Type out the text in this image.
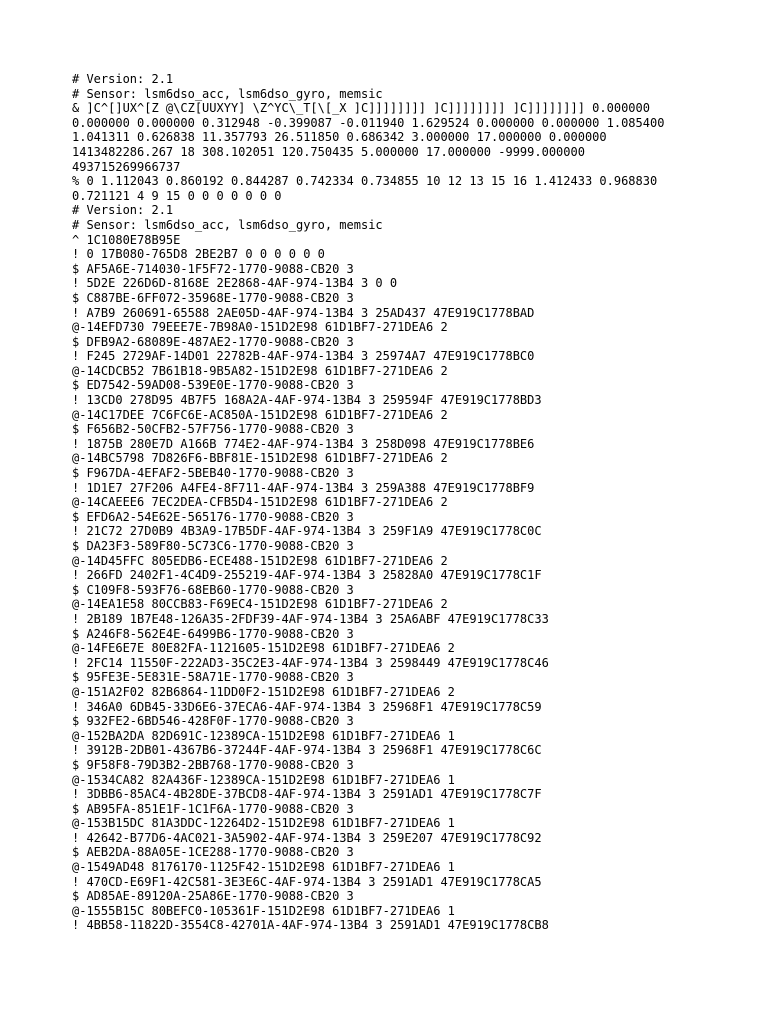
# Version: 2.1
# Sensor: lsm6dso_acc, lsm6dso_gyro, memsic
& ]C^[]UX^[Z @\CZ[UUXYY] \Z^YC\_T[\[_X ]C]]]]]]]] ]C]]]]]]]] ]C]]]]]]]] 0.000000
0.000000 0.000000 0.312948 -0.399087 -0.011940 1.629524 0.000000 0.000000 1.085400
1.041311 0.626838 11.357793 26.511850 0.686342 3.000000 17.000000 0.000000
1413482286.267 18 308.102051 120.750435 5.000000 17.000000 -9999.000000
493715269966737
% 0 1.112043 0.860192 0.844287 0.742334 0.734855 10 12 13 15 16 1.412433 0.968830
0.721121 4 9 15 0 0 0 0 0 0 0
# Version: 2.1
# Sensor: lsm6dso_acc, lsm6dso_gyro, memsic
^ 1C1080E78B95E
! 0 17B080-765D8 2BE2B7 0 0 0 0 0 0
$ AF5A6E-714030-1F5F72-1770-9088-CB20 3
! 5D2E 226D6D-8168E 2E2868-4AF-974-13B4 3 0 0
$ C887BE-6FF072-35968E-1770-9088-CB20 3
! A7B9 260691-65588 2AE05D-4AF-974-13B4 3 25AD437 47E919C1778BAD
@-14EFD730 79EEE7E-7B98A0-151D2E98 61D1BF7-271DEA6 2
$ DFB9A2-68089E-487AE2-1770-9088-CB20 3
! F245 2729AF-14D01 22782B-4AF-974-13B4 3 25974A7 47E919C1778BC0
@-14CDCB52 7B61B18-9B5A82-151D2E98 61D1BF7-271DEA6 2
$ ED7542-59AD08-539E0E-1770-9088-CB20 3
! 13CD0 278D95 4B7F5 168A2A-4AF-974-13B4 3 259594F 47E919C1778BD3
@-14C17DEE 7C6FC6E-AC850A-151D2E98 61D1BF7-271DEA6 2
$ F656B2-50CFB2-57F756-1770-9088-CB20 3
! 1875B 280E7D A166B 774E2-4AF-974-13B4 3 258D098 47E919C1778BE6
@-14BC5798 7D826F6-BBF81E-151D2E98 61D1BF7-271DEA6 2
$ F967DA-4EFAF2-5BEB40-1770-9088-CB20 3
! 1D1E7 27F206 A4FE4-8F711-4AF-974-13B4 3 259A388 47E919C1778BF9
@-14CAEEE6 7EC2DEA-CFB5D4-151D2E98 61D1BF7-271DEA6 2
$ EFD6A2-54E62E-565176-1770-9088-CB20 3
! 21C72 27D0B9 4B3A9-17B5DF-4AF-974-13B4 3 259F1A9 47E919C1778C0C
$ DA23F3-589F80-5C73C6-1770-9088-CB20 3
@-14D45FFC 805EDB6-ECE488-151D2E98 61D1BF7-271DEA6 2
! 266FD 2402F1-4C4D9-255219-4AF-974-13B4 3 25828A0 47E919C1778C1F
$ C109F8-593F76-68EB60-1770-9088-CB20 3
@-14EA1E58 80CCB83-F69EC4-151D2E98 61D1BF7-271DEA6 2
! 2B189 1B7E48-126A35-2FDF39-4AF-974-13B4 3 25A6ABF 47E919C1778C33
$ A246F8-562E4E-6499B6-1770-9088-CB20 3
@-14FE6E7E 80E82FA-1121605-151D2E98 61D1BF7-271DEA6 2
! 2FC14 11550F-222AD3-35C2E3-4AF-974-13B4 3 2598449 47E919C1778C46
$ 95FE3E-5E831E-58A71E-1770-9088-CB20 3
@-151A2F02 82B6864-11DD0F2-151D2E98 61D1BF7-271DEA6 2
! 346A0 6DB45-33D6E6-37ECA6-4AF-974-13B4 3 25968F1 47E919C1778C59
$ 932FE2-6BD546-428F0F-1770-9088-CB20 3
@-152BA2DA 82D691C-12389CA-151D2E98 61D1BF7-271DEA6 1
! 3912B-2DB01-4367B6-37244F-4AF-974-13B4 3 25968F1 47E919C1778C6C
$ 9F58F8-79D3B2-2BB768-1770-9088-CB20 3
@-1534CA82 82A436F-12389CA-151D2E98 61D1BF7-271DEA6 1
! 3DBB6-85AC4-4B28DE-37BCD8-4AF-974-13B4 3 2591AD1 47E919C1778C7F
$ AB95FA-851E1F-1C1F6A-1770-9088-CB20 3
@-153B15DC 81A3DDC-12264D2-151D2E98 61D1BF7-271DEA6 1
! 42642-B77D6-4AC021-3A5902-4AF-974-13B4 3 259E207 47E919C1778C92
$ AEB2DA-88A05E-1CE288-1770-9088-CB20 3
@-1549AD48 8176170-1125F42-151D2E98 61D1BF7-271DEA6 1
! 470CD-E69F1-42C581-3E3E6C-4AF-974-13B4 3 2591AD1 47E919C1778CA5
$ AD85AE-89120A-25A86E-1770-9088-CB20 3
@-1555B15C 80BEFC0-105361F-151D2E98 61D1BF7-271DEA6 1
! 4BB58-11822D-3554C8-42701A-4AF-974-13B4 3 2591AD1 47E919C1778CB8
